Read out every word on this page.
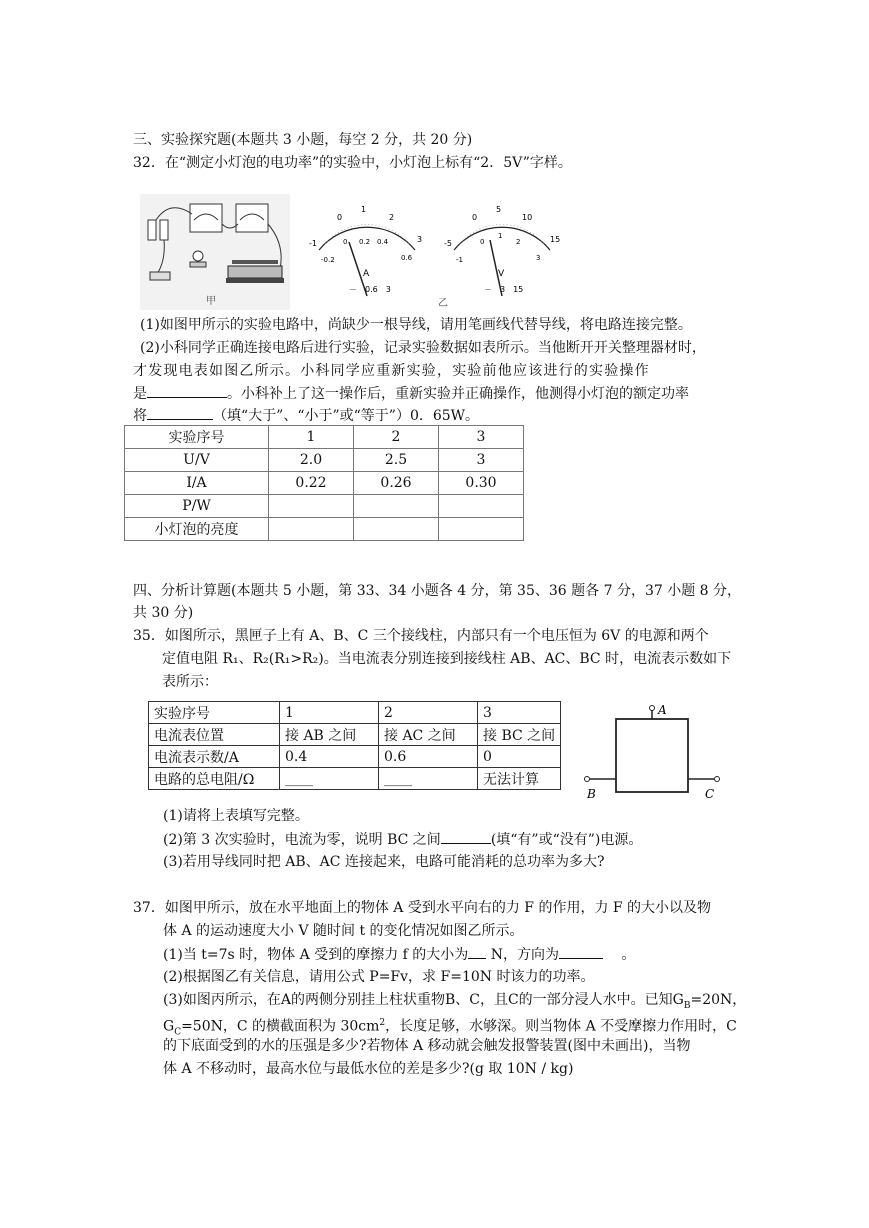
三、实验探究题(本题共 3 小题，每空 2 分，共 20 分)
32．在“测定小灯泡的电功率”的实验中，小灯泡上标有“2．5V”字样。
甲
-1
0
1
2
3
-0.2
0 0.2 0.4
0.6
A
－　0.6　3
-5
0
5
10
15
-1
0
1
2
3
V
－　3　15
乙
(1)如图甲所示的实验电路中，尚缺少一根导线，请用笔画线代替导线，将电路连接完整。
(2)小科同学正确连接电路后进行实验，记录实验数据如表所示。当他断开开关整理器材时，
才发现电表如图乙所示。小科同学应重新实验，实验前他应该进行的实验操作
是	。小科补上了这一操作后，重新实验并正确操作，他测得小灯泡的额定功率
将	（填“大于”、“小于”或“等于”）0．65W。
实验序号	1	2	3
U/V	2.0	2.5	3
I/A	0.22	0.26	0.30
P/W			
小灯泡的亮度			
四、分析计算题(本题共 5 小题，第 33、34 小题各 4 分，第 35、36 题各 7 分，37 小题 8 分，
共 30 分)
35．如图所示，黑匣子上有 A、B、C 三个接线柱，内部只有一个电压恒为 6V 的电源和两个
定值电阻 R₁、R₂(R₁>R₂)。当电流表分别连接到接线柱 AB、AC、BC 时，电流表示数如下
表所示：
实验序号	1	2	3
电流表位置	接 AB 之间	接 AC 之间	接 BC 之间
电流表示数/A	0.4	0.6	0
电路的总电阻/Ω	____	____	无法计算
A
B	C
(1)请将上表填写完整。
(2)第 3 次实验时，电流为零，说明 BC 之间	(填“有”或“没有”)电源。
(3)若用导线同时把 AB、AC 连接起来，电路可能消耗的总功率为多大?
37．如图甲所示，放在水平地面上的物体 A 受到水平向右的力 F 的作用，力 F 的大小以及物
体 A 的运动速度大小 V 随时间 t 的变化情况如图乙所示。
(1)当 t=7s 时，物体 A 受到的摩擦力 f 的大小为 N，方向为	　 。
(2)根据图乙有关信息，请用公式 P=Fv，求 F=10N 时该力的功率。
(3)如图丙所示，在A的两侧分别挂上柱状重物B、C，且C的一部分浸人水中。已知$G_B=20N$，
$G_C=50N$，C 的横截面积为 $30cm^2$，长度足够，水够深。则当物体 A 不受摩擦力作用时，C
的下底面受到的水的压强是多少?若物体 A 移动就会触发报警装置(图中未画出)，当物
体 A 不移动时，最高水位与最低水位的差是多少?(g 取 10N / kg)
